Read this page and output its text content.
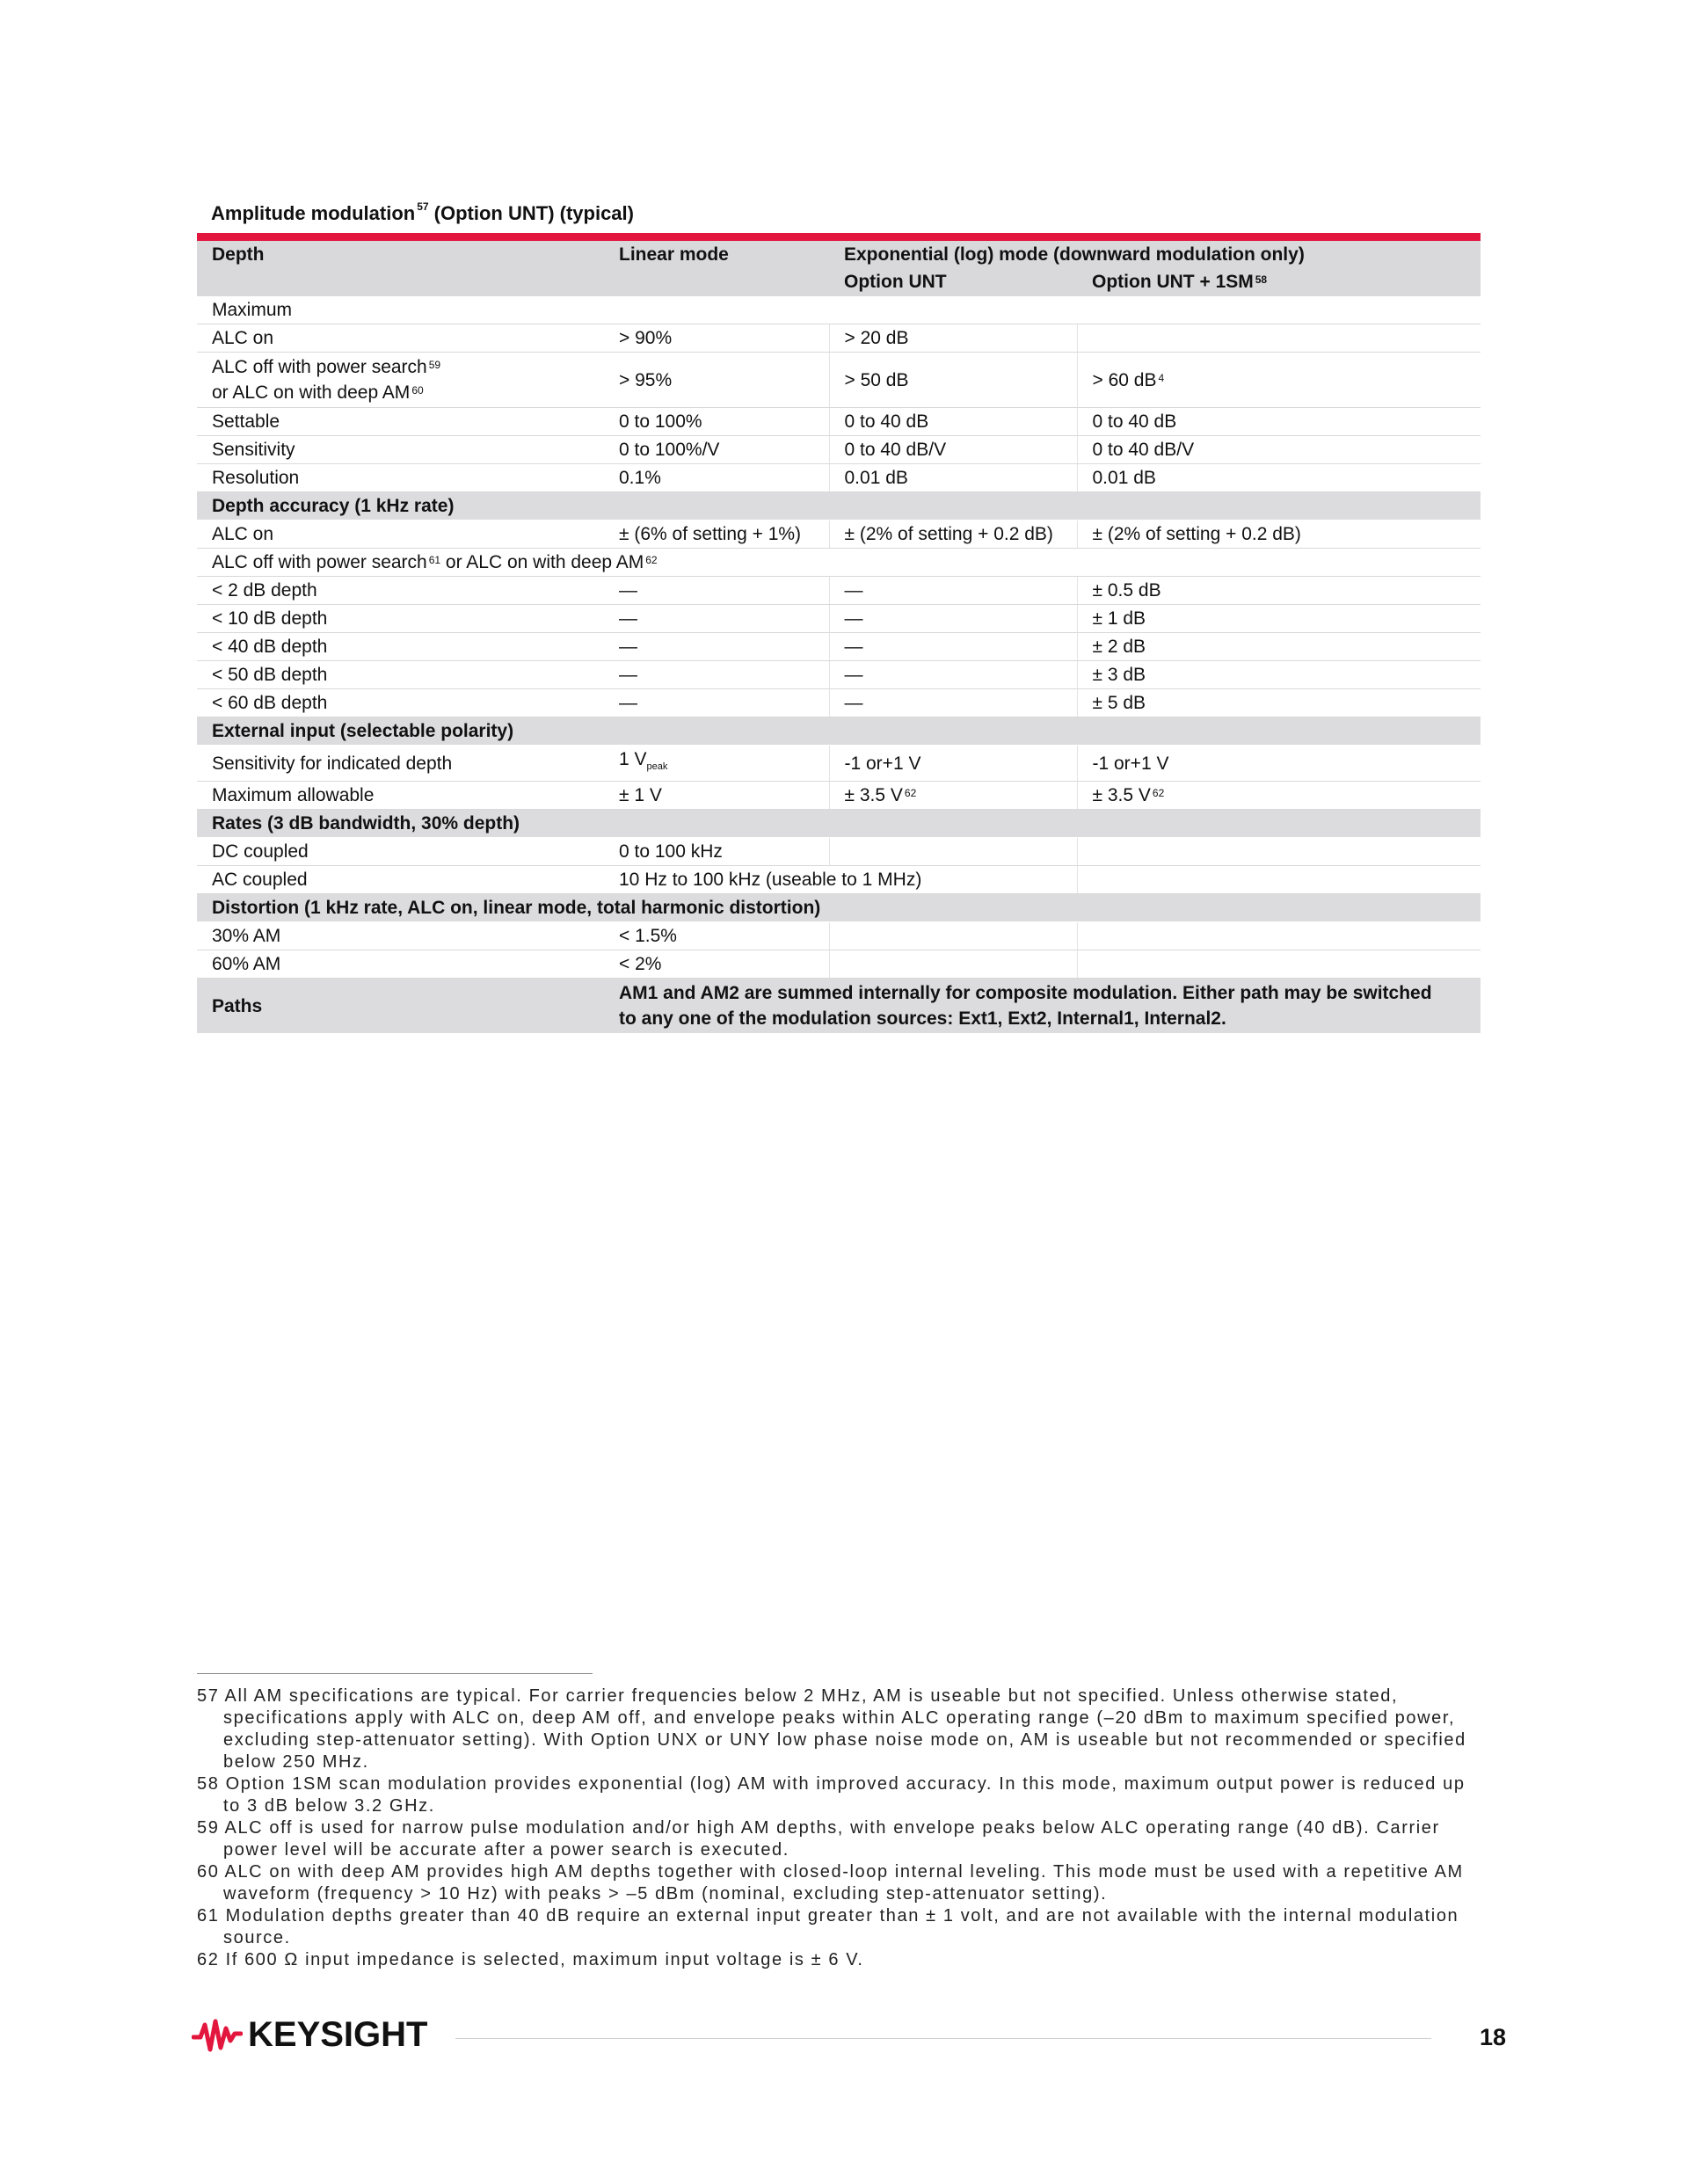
Amplitude modulation $^{57}$ (Option UNT) (typical)
Depth	Linear mode	Exponential (log) mode (downward modulation only)	
		Option UNT	Option UNT + 1SM $^{58}$
Maximum			
ALC on	> 90%	> 20 dB	
ALC off with power search $^{59}$
or ALC on with deep AM $^{60}$	> 95%	> 50 dB	> 60 dB $^4$
Settable	0 to 100%	0 to 40 dB	0 to 40 dB
Sensitivity	0 to 100%/V	0 to 40 dB/V	0 to 40 dB/V
Resolution	0.1%	0.01 dB	0.01 dB
Depth accuracy (1 kHz rate)			
ALC on	± (6% of setting + 1%)	± (2% of setting + 0.2 dB)	± (2% of setting + 0.2 dB)
ALC off with power search $^{61}$ or ALC on with deep AM $^{62}$
< 2 dB depth	—	—	± 0.5 dB
< 10 dB depth	—	—	± 1 dB
< 40 dB depth	—	—	± 2 dB
< 50 dB depth	—	—	± 3 dB
< 60 dB depth	—	—	± 5 dB
External input (selectable polarity)			
Sensitivity for indicated depth	1 $V_{peak}$	-1 or+1 V	-1 or+1 V
Maximum allowable	± 1 V	± 3.5 V $^{62}$	± 3.5 V $^{62}$
Rates (3 dB bandwidth, 30% depth)			
DC coupled	0 to 100 kHz		
AC coupled	10 Hz to 100 kHz (useable to 1 MHz)		
Distortion (1 kHz rate, ALC on, linear mode, total harmonic distortion)			
30% AM	< 1.5%		
60% AM	< 2%		
Paths	AM1 and AM2 are summed internally for composite modulation. Either path may be switched to any one of the modulation sources: Ext1, Ext2, Internal1, Internal2.		

57 All AM specifications are typical. For carrier frequencies below 2 MHz, AM is useable but not specified. Unless otherwise stated, specifications apply with ALC on, deep AM off, and envelope peaks within ALC operating range (–20 dBm to maximum specified power, excluding step-attenuator setting). With Option UNX or UNY low phase noise mode on, AM is useable but not recommended or specified below 250 MHz.

58 Option 1SM scan modulation provides exponential (log) AM with improved accuracy. In this mode, maximum output power is reduced up to 3 dB below 3.2 GHz.

59 ALC off is used for narrow pulse modulation and/or high AM depths, with envelope peaks below ALC operating range (40 dB). Carrier power level will be accurate after a power search is executed.

60 ALC on with deep AM provides high AM depths together with closed-loop internal leveling. This mode must be used with a repetitive AM waveform (frequency > 10 Hz) with peaks > –5 dBm (nominal, excluding step-attenuator setting).

61 Modulation depths greater than 40 dB require an external input greater than ± 1 volt, and are not available with the internal modulation source.

62 If 600 Ω input impedance is selected, maximum input voltage is ± 6 V.

KEYSIGHT	18
